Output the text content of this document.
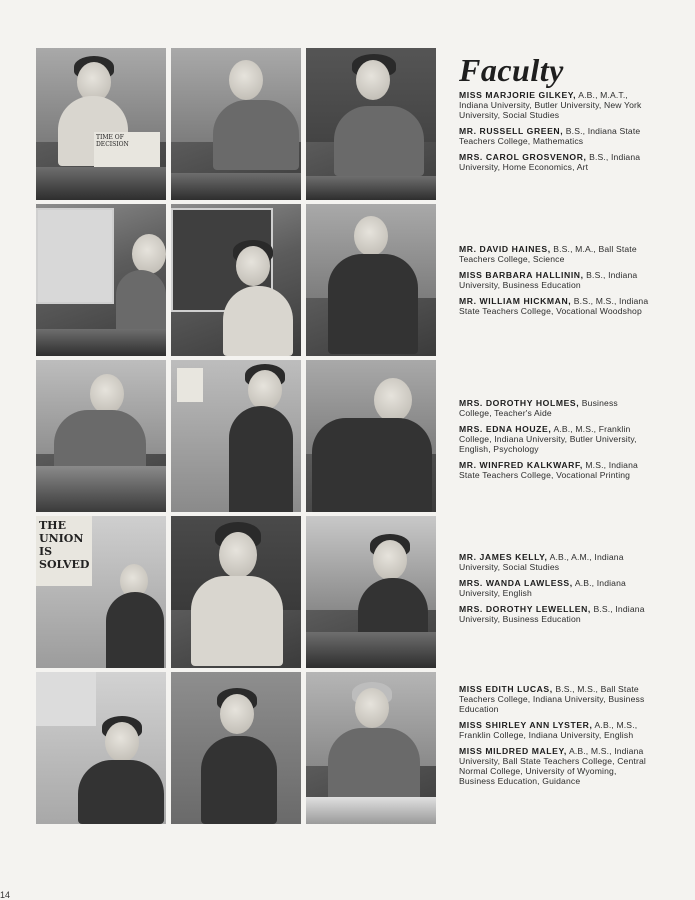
TIME OF DECISION
THE UNION IS SOLVED
Faculty

MISS MARJORIE GILKEY, A.B., M.A.T., Indiana University, Butler University, New York University, Social Studies

MR. RUSSELL GREEN, B.S., Indiana State Teachers College, Mathematics

MRS. CAROL GROSVENOR, B.S., Indiana University, Home Economics, Art

MR. DAVID HAINES, B.S., M.A., Ball State Teachers College, Science

MISS BARBARA HALLININ, B.S., Indiana University, Business Education

MR. WILLIAM HICKMAN, B.S., M.S., Indiana State Teachers College, Vocational Woodshop

MRS. DOROTHY HOLMES, Business College, Teacher's Aide

MRS. EDNA HOUZE, A.B., M.S., Franklin College, Indiana University, Butler University, English, Psychology

MR. WINFRED KALKWARF, M.S., Indiana State Teachers College, Vocational Printing

MR. JAMES KELLY, A.B., A.M., Indiana University, Social Studies

MRS. WANDA LAWLESS, A.B., Indiana University, English

MRS. DOROTHY LEWELLEN, B.S., Indiana University, Business Education

MISS EDITH LUCAS, B.S., M.S., Ball State Teachers College, Indiana University, Business Education

MISS SHIRLEY ANN LYSTER, A.B., M.S., Franklin College, Indiana University, English

MISS MILDRED MALEY, A.B., M.S., Indiana University, Ball State Teachers College, Central Normal College, University of Wyoming, Business Education, Guidance

14
